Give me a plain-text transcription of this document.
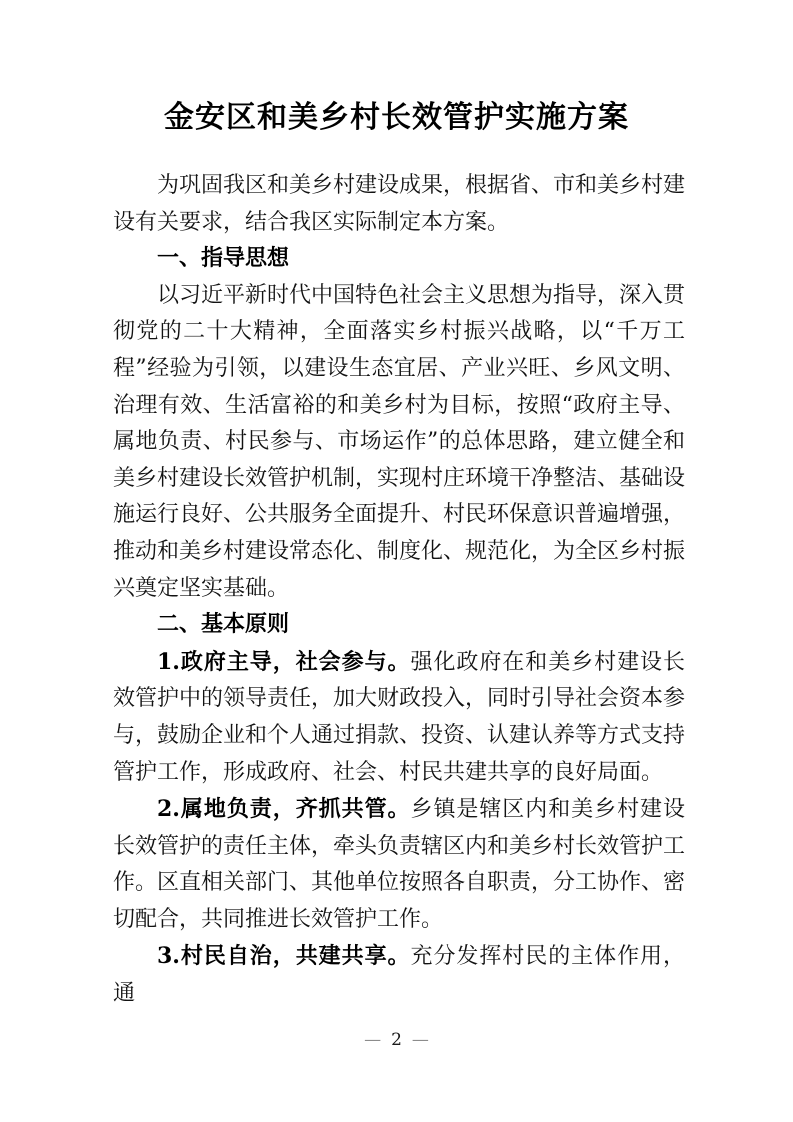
金安区和美乡村长效管护实施方案

为巩固我区和美乡村建设成果，根据省、市和美乡村建设有关要求，结合我区实际制定本方案。

一、指导思想

以习近平新时代中国特色社会主义思想为指导，深入贯彻党的二十大精神，全面落实乡村振兴战略，以“千万工程”经验为引领，以建设生态宜居、产业兴旺、乡风文明、治理有效、生活富裕的和美乡村为目标，按照“政府主导、属地负责、村民参与、市场运作”的总体思路，建立健全和美乡村建设长效管护机制，实现村庄环境干净整洁、基础设施运行良好、公共服务全面提升、村民环保意识普遍增强，推动和美乡村建设常态化、制度化、规范化，为全区乡村振兴奠定坚实基础。

二、基本原则

1.政府主导，社会参与。强化政府在和美乡村建设长效管护中的领导责任，加大财政投入，同时引导社会资本参与，鼓励企业和个人通过捐款、投资、认建认养等方式支持管护工作，形成政府、社会、村民共建共享的良好局面。

2.属地负责，齐抓共管。乡镇是辖区内和美乡村建设长效管护的责任主体，牵头负责辖区内和美乡村长效管护工作。区直相关部门、其他单位按照各自职责，分工协作、密切配合，共同推进长效管护工作。

3.村民自治，共建共享。充分发挥村民的主体作用，通

— 2 —
